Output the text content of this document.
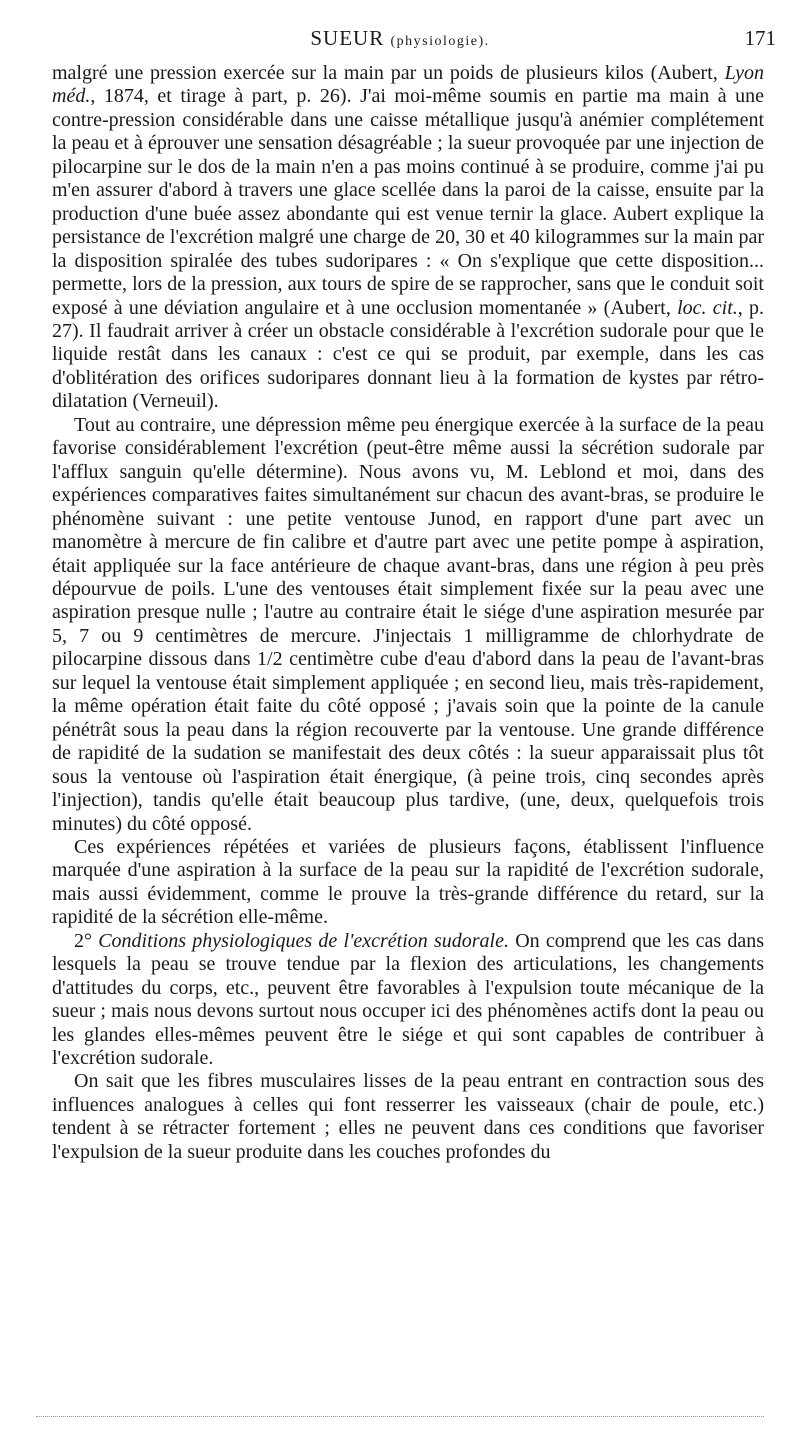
SUEUR (physiologie).	171

malgré une pression exercée sur la main par un poids de plusieurs kilos (Aubert, Lyon méd., 1874, et tirage à part, p. 26). J'ai moi-même soumis en partie ma main à une contre-pression considérable dans une caisse métallique jusqu'à anémier complétement la peau et à éprouver une sensation désagréable ; la sueur provoquée par une injection de pilocarpine sur le dos de la main n'en a pas moins continué à se produire, comme j'ai pu m'en assurer d'abord à travers une glace scellée dans la paroi de la caisse, ensuite par la production d'une buée assez abondante qui est venue ternir la glace. Aubert explique la persistance de l'excrétion malgré une charge de 20, 30 et 40 kilogrammes sur la main par la disposition spiralée des tubes sudoripares : « On s'explique que cette disposition... permette, lors de la pression, aux tours de spire de se rapprocher, sans que le conduit soit exposé à une déviation angulaire et à une occlusion momentanée » (Aubert, loc. cit., p. 27). Il faudrait arriver à créer un obstacle considérable à l'excrétion sudorale pour que le liquide restât dans les canaux : c'est ce qui se produit, par exemple, dans les cas d'oblitération des orifices sudoripares donnant lieu à la formation de kystes par rétro-dilatation (Verneuil).

Tout au contraire, une dépression même peu énergique exercée à la surface de la peau favorise considérablement l'excrétion (peut-être même aussi la sécrétion sudorale par l'afflux sanguin qu'elle détermine). Nous avons vu, M. Leblond et moi, dans des expériences comparatives faites simultanément sur chacun des avant-bras, se produire le phénomène suivant : une petite ventouse Junod, en rapport d'une part avec un manomètre à mercure de fin calibre et d'autre part avec une petite pompe à aspiration, était appliquée sur la face antérieure de chaque avant-bras, dans une région à peu près dépourvue de poils. L'une des ventouses était simplement fixée sur la peau avec une aspiration presque nulle ; l'autre au contraire était le siége d'une aspiration mesurée par 5, 7 ou 9 centimètres de mercure. J'injectais 1 milligramme de chlorhydrate de pilocarpine dissous dans 1/2 centimètre cube d'eau d'abord dans la peau de l'avant-bras sur lequel la ventouse était simplement appliquée ; en second lieu, mais très-rapidement, la même opération était faite du côté opposé ; j'avais soin que la pointe de la canule pénétrât sous la peau dans la région recouverte par la ventouse. Une grande différence de rapidité de la sudation se manifestait des deux côtés : la sueur apparaissait plus tôt sous la ventouse où l'aspiration était énergique, (à peine trois, cinq secondes après l'injection), tandis qu'elle était beaucoup plus tardive, (une, deux, quelquefois trois minutes) du côté opposé.

Ces expériences répétées et variées de plusieurs façons, établissent l'influence marquée d'une aspiration à la surface de la peau sur la rapidité de l'excrétion sudorale, mais aussi évidemment, comme le prouve la très-grande différence du retard, sur la rapidité de la sécrétion elle-même.

2° Conditions physiologiques de l'excrétion sudorale. On comprend que les cas dans lesquels la peau se trouve tendue par la flexion des articulations, les changements d'attitudes du corps, etc., peuvent être favorables à l'expulsion toute mécanique de la sueur ; mais nous devons surtout nous occuper ici des phénomènes actifs dont la peau ou les glandes elles-mêmes peuvent être le siége et qui sont capables de contribuer à l'excrétion sudorale.

On sait que les fibres musculaires lisses de la peau entrant en contraction sous des influences analogues à celles qui font resserrer les vaisseaux (chair de poule, etc.) tendent à se rétracter fortement ; elles ne peuvent dans ces conditions que favoriser l'expulsion de la sueur produite dans les couches profondes du
